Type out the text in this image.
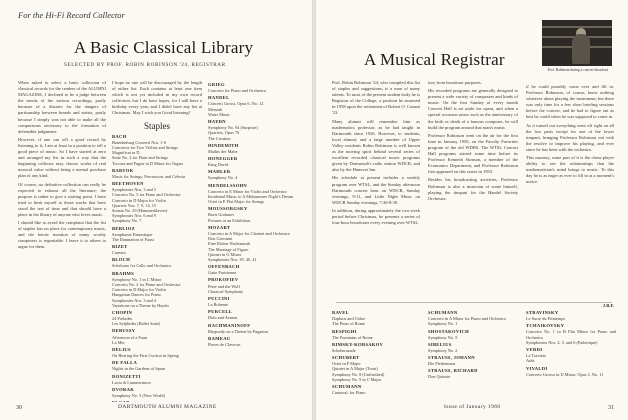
For the Hi-Fi Record Collector
A Basic Classical Library
SELECTED BY PROF. ROBIN ROBINSON '24, REGISTRAR

When asked to select a basic collection of classical records for the readers of the ALUMNI MAGAZINE, I declined to be a judge between the merits of the various recordings, partly because of a distaste for the dangers of partisanship between brands and artists, partly because I simply was not able to make all the comparisons necessary to the formation of defensible judgments.

However, if one can tell a good record by listening to it, I am at least in a position to tell a good piece of music. So I have started at zero and arranged my list in such a way that the beginning collector may choose works of real musical value without being a mental purchase plan of any kind.

Of course, no definitive collection can really be expected to exhaust all the literature; the purpose is rather to give a starting point. I have tried to limit myself to those works that have stood the test of time and that should have a place in the library of anyone who loves music.

I should like to avoid the complaint that the list of staples has no place for contemporary music, and the heroic mention of many worthy composers is regrettable. I leave it to others to argue for them.

I hope no one will be discouraged by the length of either list. Each contains at least one item which is not yet included in my own record collection, but I do have hopes, for I still have a birthday every year, and I didn't have any list at Christmas. May I wish you Good listening!

Staples
BACH
Brandenburg Concerti Nos. 1-6
Concertos for Two Violins and Strings
Magnificat in D
Suite No. 2 for Flute and Strings
Toccata and Fugue in D Minor for Organ
BARTOK
Music for Strings, Percussion, and Celesta
BEETHOVEN
Symphonies Nos. 3 and 5
Concerto No. 5 for Piano and Orchestra
Concerto in D Major for Violin
Quartets Nos. 7, 9, 14, 15
Sonata No. 29 (Hammerklavier)
Symphonies Nos. 6 and 9
Symphony No. 7
BERLIOZ
Symphonie Fantastique
The Damnation of Faust
BIZET
Carmen
BLOCH
Schelomo for Cello and Orchestra
BRAHMS
Symphony No. 1 in C Minor
Concerto No. 2 for Piano and Orchestra
Concerto in D Major for Violin
Hungarian Dances for Piano
Symphonies Nos. 3 and 4
Variations on a Theme by Haydn
CHOPIN
24 Preludes
Les Sylphides (Ballet Suite)
DEBUSSY
Afternoon of a Faun
La Mer
DELIUS
On Hearing the First Cuckoo in Spring
DE FALLA
Nights in the Gardens of Spain
DONIZETTI
Lucia di Lammermoor
DVORAK
Symphony No. 5 (New World)
GRIEG
Concerto for Piano and Orchestra
HANDEL
Concerti Grossi, Opus 6, No. 12
Messiah
Water Music
HAYDN
Symphony No. 94 (Surprise)
Quartets, Opus 76
The Creation
HINDEMITH
Mathis der Maler
HONEGGER
King David
MAHLER
Symphony No. 4
MENDELSSOHN
Concerto in E Minor for Violin and Orchestra
Incidental Music to A Midsummer Night's Dream
Octet in E Flat Major for Strings
MOUSSORGSKY
Boris Godunov
Pictures at an Exhibition
MOZART
Concerto in A Major for Clarinet and Orchestra
Don Giovanni
Eine Kleine Nachtmusik
The Marriage of Figaro
Quintet in G Minor
Symphonies Nos. 39, 40, 41
OFFENBACH
Gaite Parisienne
PROKOFIEV
Peter and the Wolf
Classical Symphony
PUCCINI
La Boheme
PURCELL
Dido and Aeneas
RACHMANINOFF
Rhapsody on a Theme by Paganini
RAMEAU
Pieces de Clavecin
30	DARTMOUTH ALUMNI MAGAZINE
A Musical Registrar
Prof. Robinson during a concert broadcast

Prof. Robin Robinson '24, who compiled this list of staples and suggestions, is a man of many talents. To most of the present student body he is Registrar of the College, a position he assumed in 1958 upon the retirement of Robert O. Conant '23.

Many alumni will remember him as mathematics professor, as he had taught in Dartmouth since 1926. However, to students, local alumni, and a large number of Upper Valley residents Robin Robinson is well known as the moving spirit behind several series of excellent recorded classical music programs given by Dartmouth's radio station WDCR, and also by the Hanover Inn.

His schedule at present includes a weekly program over WTSL, and the Sunday afternoon Dartmouth concert hour on WDCR, Sunday evenings, 9-11, and Little Night Music on WDCR Sunday evenings, 7:30-8:30.

In addition, during approximately the two-week period before Christmas, he presents a series of four-hour broadcasts every evening over WTSL.

tory from broadcast purposes.

His recorded programs are generally designed to present a wide variety of composers and kinds of music. On the first Sunday of every month Concert Hall is set aside for opera, and when a special occasion arises such as the anniversary of the birth or death of a famous composer, he will build the program around that man's music.

Professor Robinson went on the air for the first time in January 1950, on the Faculty Favorites program of the old WDBS. The WTSL Concert Hall programs started some time before its Professor Kenneth Stimson, a member of the Economics Department, and Professor Robinson first appeared on this series in 1953.

Besides his broadcasting activities, Professor Robinson is also a musician of some himself, playing the timpani for the Handel Society Orchestra.

if he could possibly come over and fill in. Professor Robinson, of course, knew nothing whatever about playing the instrument; but there was only time for a few short briefing sessions before the concert, and he had to figure out as best he could when he was supposed to come in.

As it turned out everything went off right on all the low parts except for one of the lower timpani, bringing Professor Robinson out with the resolve to improve his playing, and ever since he has been with the orchestra.

This mastery, some part of it is the chess-player ability to see the relationships that the mathematician's mind brings to music. To this day he is as eager as ever to fill in at a moment's notice.

J.B.F.
RAVEL
Daphnis and Chloe
The Pines of Rome
RESPIGHI
The Fountains of Rome
RIMSKY-KORSAKOV
Scheherazade
SCHUBERT
Octet in F Major
Quintet in A Major (Trout)
Symphony No. 8 (Unfinished)
Symphony No. 9 in C Major
SCHUMANN
Carnaval, for Piano
SCHUMANN
Concerto in A Minor for Piano and Orchestra
Symphony No. 1
SHOSTAKOVICH
Symphony No. 5
SIBELIUS
Symphony No. 2
STRAUSS, JOHANN
Die Fledermaus
STRAUSS, RICHARD
Don Quixote
STRAVINSKY
Le Sacre du Printemps
TCHAIKOVSKY
Concerto No. 1 in B Flat Minor for Piano and Orchestra
Symphonies Nos. 4, 5, and 6 (Pathetique)
VERDI
La Traviata
Aida
VIVALDI
Concerto Grosso in D Minor, Opus 3, No. 11
Issue of January 1960	31
